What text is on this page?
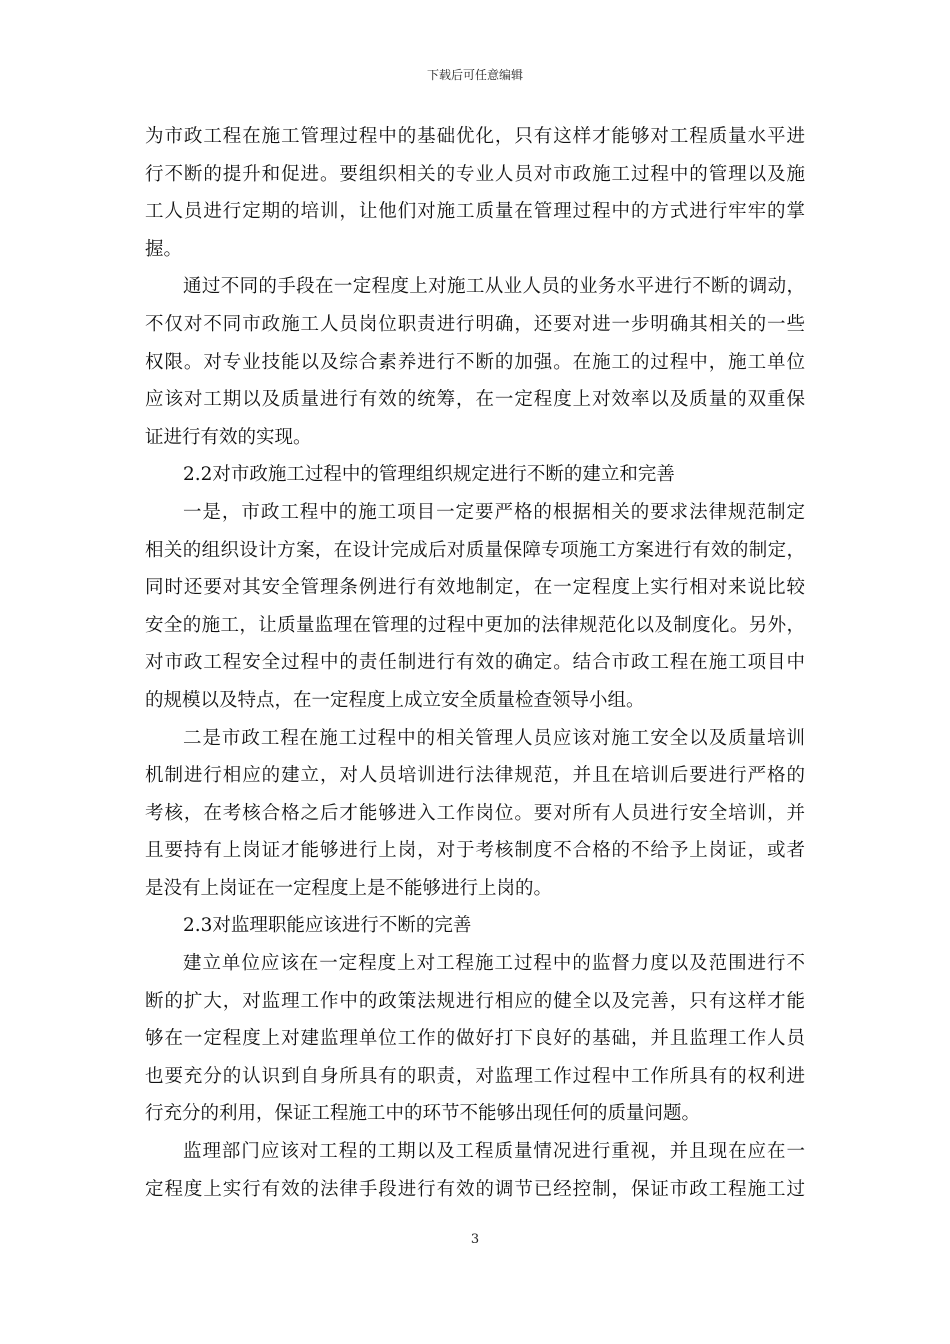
下载后可任意编辑
为市政工程在施工管理过程中的基础优化，只有这样才能够对工程质量水平进
行不断的提升和促进。要组织相关的专业人员对市政施工过程中的管理以及施
工人员进行定期的培训，让他们对施工质量在管理过程中的方式进行牢牢的掌
握。
通过不同的手段在一定程度上对施工从业人员的业务水平进行不断的调动，
不仅对不同市政施工人员岗位职责进行明确，还要对进一步明确其相关的一些
权限。对专业技能以及综合素养进行不断的加强。在施工的过程中，施工单位
应该对工期以及质量进行有效的统筹，在一定程度上对效率以及质量的双重保
证进行有效的实现。
2.2对市政施工过程中的管理组织规定进行不断的建立和完善
一是，市政工程中的施工项目一定要严格的根据相关的要求法律规范制定
相关的组织设计方案，在设计完成后对质量保障专项施工方案进行有效的制定，
同时还要对其安全管理条例进行有效地制定，在一定程度上实行相对来说比较
安全的施工，让质量监理在管理的过程中更加的法律规范化以及制度化。另外，
对市政工程安全过程中的责任制进行有效的确定。结合市政工程在施工项目中
的规模以及特点，在一定程度上成立安全质量检查领导小组。
二是市政工程在施工过程中的相关管理人员应该对施工安全以及质量培训
机制进行相应的建立，对人员培训进行法律规范，并且在培训后要进行严格的
考核，在考核合格之后才能够进入工作岗位。要对所有人员进行安全培训，并
且要持有上岗证才能够进行上岗，对于考核制度不合格的不给予上岗证，或者
是没有上岗证在一定程度上是不能够进行上岗的。
2.3对监理职能应该进行不断的完善
建立单位应该在一定程度上对工程施工过程中的监督力度以及范围进行不
断的扩大，对监理工作中的政策法规进行相应的健全以及完善，只有这样才能
够在一定程度上对建监理单位工作的做好打下良好的基础，并且监理工作人员
也要充分的认识到自身所具有的职责，对监理工作过程中工作所具有的权利进
行充分的利用，保证工程施工中的环节不能够出现任何的质量问题。
监理部门应该对工程的工期以及工程质量情况进行重视，并且现在应在一
定程度上实行有效的法律手段进行有效的调节已经控制，保证市政工程施工过
3
